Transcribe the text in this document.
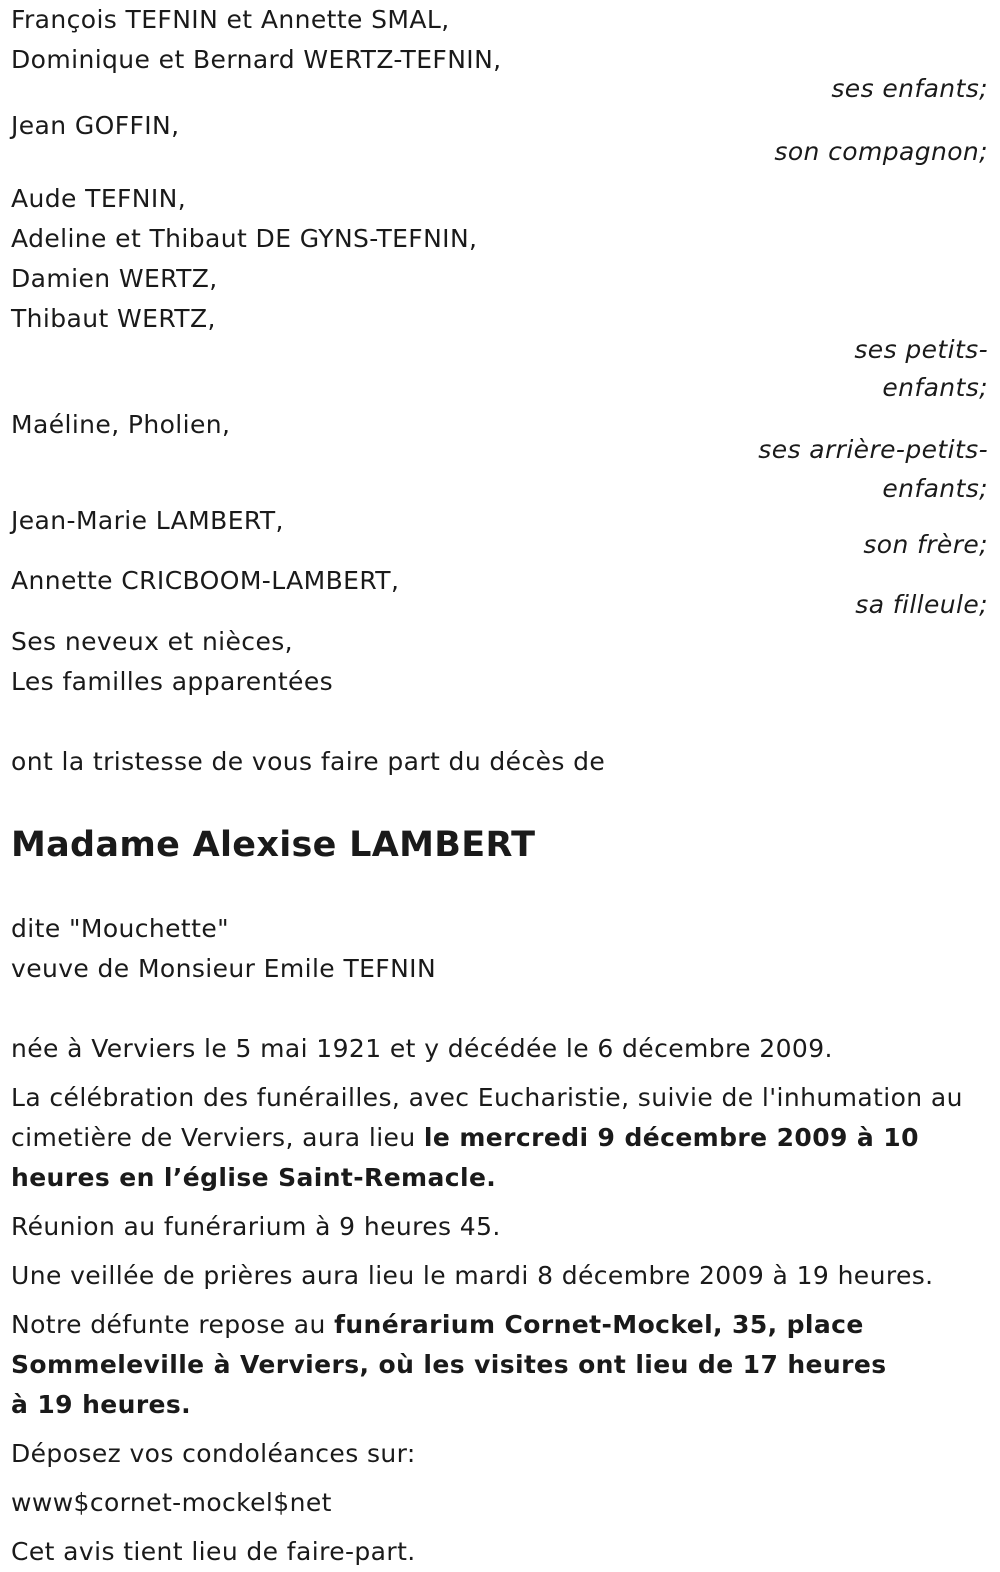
François TEFNIN et Annette SMAL,
Dominique et Bernard WERTZ-TEFNIN,
ses enfants;
Jean GOFFIN,
son compagnon;
Aude TEFNIN,
Adeline et Thibaut DE GYNS-TEFNIN,
Damien WERTZ,
Thibaut WERTZ,
ses petits-enfants;
Maéline, Pholien,
ses arrière-petits-
enfants;
Jean-Marie LAMBERT,
son frère;
Annette CRICBOOM-LAMBERT,
sa filleule;
Ses neveux et nièces,
Les familles apparentées
ont la tristesse de vous faire part du décès de
Madame Alexise LAMBERT
dite "Mouchette"
veuve de Monsieur Emile TEFNIN
née à Verviers le 5 mai 1921 et y décédée le 6 décembre 2009.

La célébration des funérailles, avec Eucharistie, suivie de l'inhumation au cimetière de Verviers, aura lieu le mercredi 9 décembre 2009 à 10 heures en l’église Saint-Remacle.

Réunion au funérarium à 9 heures 45.

Une veillée de prières aura lieu le mardi 8 décembre 2009 à 19 heures.

Notre défunte repose au funérarium Cornet-Mockel, 35, place Sommeleville à Verviers, où les visites ont lieu de 17 heures à 19 heures.

Déposez vos condoléances sur:

www$cornet-mockel$net

Cet avis tient lieu de faire-part.
